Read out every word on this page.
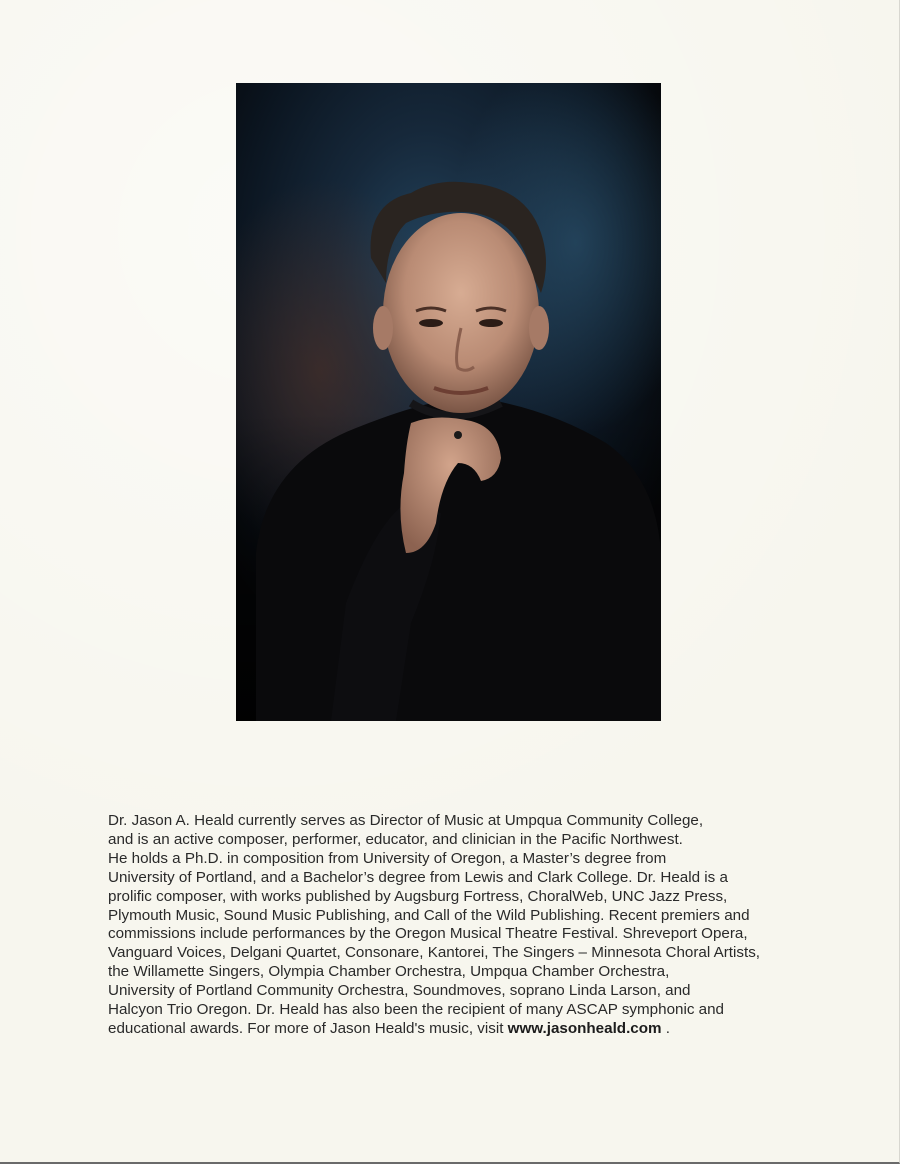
Dr. Jason A. Heald currently serves as Director of Music at Umpqua Community College,
and is an active composer, performer, educator, and clinician in the Pacific Northwest.
He holds a Ph.D. in composition from University of Oregon, a Master’s degree from
University of Portland, and a Bachelor’s degree from Lewis and Clark College. Dr. Heald is a
prolific composer, with works published by Augsburg Fortress, ChoralWeb, UNC Jazz Press,
Plymouth Music, Sound Music Publishing, and Call of the Wild Publishing. Recent premiers and
commissions include performances by the Oregon Musical Theatre Festival. Shreveport Opera,
Vanguard Voices, Delgani Quartet, Consonare, Kantorei, The Singers – Minnesota Choral Artists,
the Willamette Singers, Olympia Chamber Orchestra, Umpqua Chamber Orchestra,
University of Portland Community Orchestra, Soundmoves, soprano Linda Larson, and
Halcyon Trio Oregon. Dr. Heald has also been the recipient of many ASCAP symphonic and
educational awards. For more of Jason Heald's music, visit www.jasonheald.com .
